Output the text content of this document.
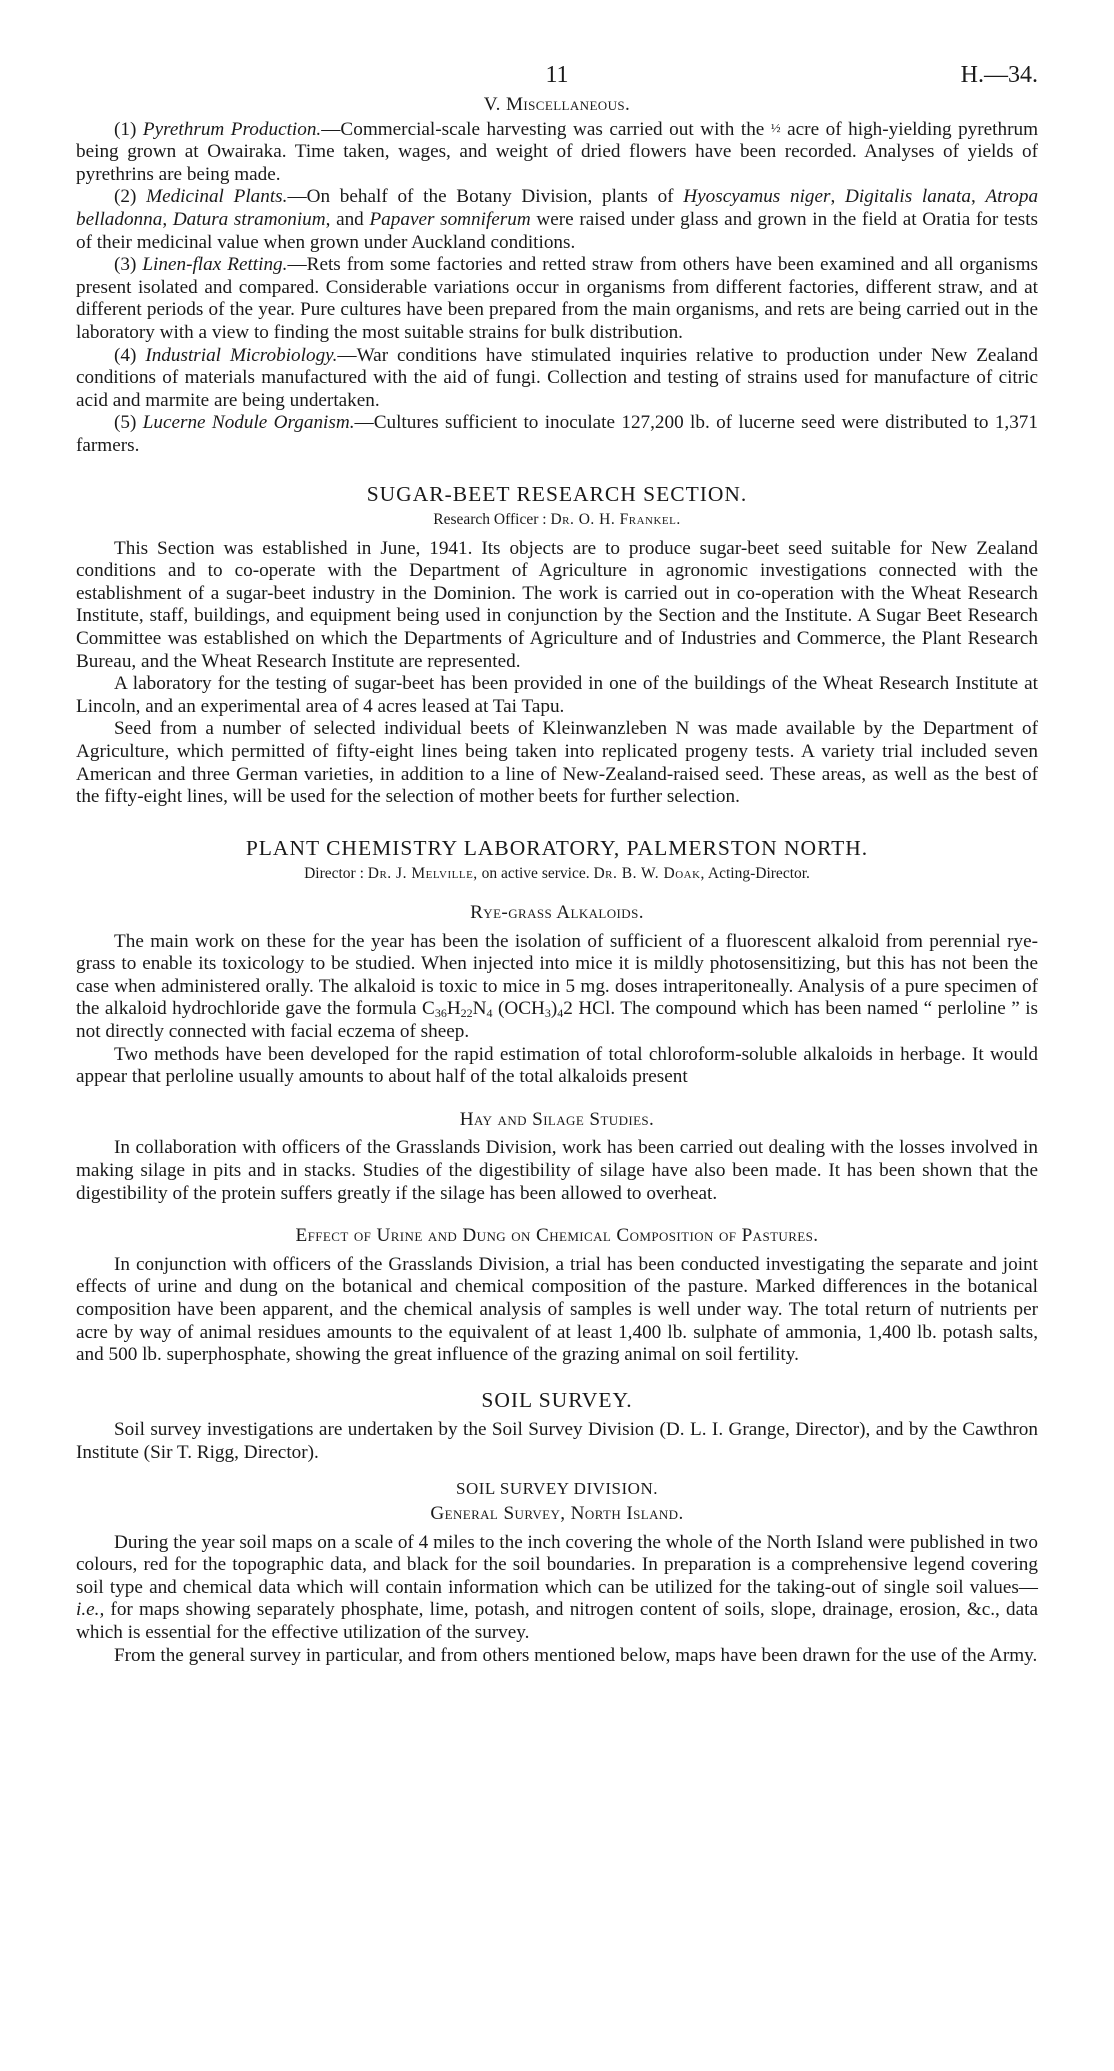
11	H.—34.
V. Miscellaneous.

(1) Pyrethrum Production.—Commercial-scale harvesting was carried out with the ½ acre of high-yielding pyrethrum being grown at Owairaka. Time taken, wages, and weight of dried flowers have been recorded. Analyses of yields of pyrethrins are being made.

(2) Medicinal Plants.—On behalf of the Botany Division, plants of Hyoscyamus niger, Digitalis lanata, Atropa belladonna, Datura stramonium, and Papaver somniferum were raised under glass and grown in the field at Oratia for tests of their medicinal value when grown under Auckland conditions.

(3) Linen-flax Retting.—Rets from some factories and retted straw from others have been examined and all organisms present isolated and compared. Considerable variations occur in organisms from different factories, different straw, and at different periods of the year. Pure cultures have been prepared from the main organisms, and rets are being carried out in the laboratory with a view to finding the most suitable strains for bulk distribution.

(4) Industrial Microbiology.—War conditions have stimulated inquiries relative to production under New Zealand conditions of materials manufactured with the aid of fungi. Collection and testing of strains used for manufacture of citric acid and marmite are being undertaken.

(5) Lucerne Nodule Organism.—Cultures sufficient to inoculate 127,200 lb. of lucerne seed were distributed to 1,371 farmers.

SUGAR-BEET RESEARCH SECTION.
Research Officer : Dr. O. H. Frankel.

This Section was established in June, 1941. Its objects are to produce sugar-beet seed suitable for New Zealand conditions and to co-operate with the Department of Agriculture in agronomic investigations connected with the establishment of a sugar-beet industry in the Dominion. The work is carried out in co-operation with the Wheat Research Institute, staff, buildings, and equipment being used in conjunction by the Section and the Institute. A Sugar Beet Research Committee was established on which the Departments of Agriculture and of Industries and Commerce, the Plant Research Bureau, and the Wheat Research Institute are represented.

A laboratory for the testing of sugar-beet has been provided in one of the buildings of the Wheat Research Institute at Lincoln, and an experimental area of 4 acres leased at Tai Tapu.

Seed from a number of selected individual beets of Kleinwanzleben N was made available by the Department of Agriculture, which permitted of fifty-eight lines being taken into replicated progeny tests. A variety trial included seven American and three German varieties, in addition to a line of New-Zealand-raised seed. These areas, as well as the best of the fifty-eight lines, will be used for the selection of mother beets for further selection.

PLANT CHEMISTRY LABORATORY, PALMERSTON NORTH.
Director : Dr. J. Melville, on active service. Dr. B. W. Doak, Acting-Director.
Rye-grass Alkaloids.

The main work on these for the year has been the isolation of sufficient of a fluorescent alkaloid from perennial rye-grass to enable its toxicology to be studied. When injected into mice it is mildly photosensitizing, but this has not been the case when administered orally. The alkaloid is toxic to mice in 5 mg. doses intraperitoneally. Analysis of a pure specimen of the alkaloid hydrochloride gave the formula $C_{36}H_{22}N_4$ $(OCH_3)_42$ HCl. The compound which has been named “ perloline ” is not directly connected with facial eczema of sheep.

Two methods have been developed for the rapid estimation of total chloroform-soluble alkaloids in herbage. It would appear that perloline usually amounts to about half of the total alkaloids present

Hay and Silage Studies.

In collaboration with officers of the Grasslands Division, work has been carried out dealing with the losses involved in making silage in pits and in stacks. Studies of the digestibility of silage have also been made. It has been shown that the digestibility of the protein suffers greatly if the silage has been allowed to overheat.

Effect of Urine and Dung on Chemical Composition of Pastures.

In conjunction with officers of the Grasslands Division, a trial has been conducted investigating the separate and joint effects of urine and dung on the botanical and chemical composition of the pasture. Marked differences in the botanical composition have been apparent, and the chemical analysis of samples is well under way. The total return of nutrients per acre by way of animal residues amounts to the equivalent of at least 1,400 lb. sulphate of ammonia, 1,400 lb. potash salts, and 500 lb. superphosphate, showing the great influence of the grazing animal on soil fertility.

SOIL SURVEY.

Soil survey investigations are undertaken by the Soil Survey Division (D. L. I. Grange, Director), and by the Cawthron Institute (Sir T. Rigg, Director).

SOIL SURVEY DIVISION.
General Survey, North Island.

During the year soil maps on a scale of 4 miles to the inch covering the whole of the North Island were published in two colours, red for the topographic data, and black for the soil boundaries. In preparation is a comprehensive legend covering soil type and chemical data which will contain information which can be utilized for the taking-out of single soil values—i.e., for maps showing separately phosphate, lime, potash, and nitrogen content of soils, slope, drainage, erosion, &c., data which is essential for the effective utilization of the survey.

From the general survey in particular, and from others mentioned below, maps have been drawn for the use of the Army.
